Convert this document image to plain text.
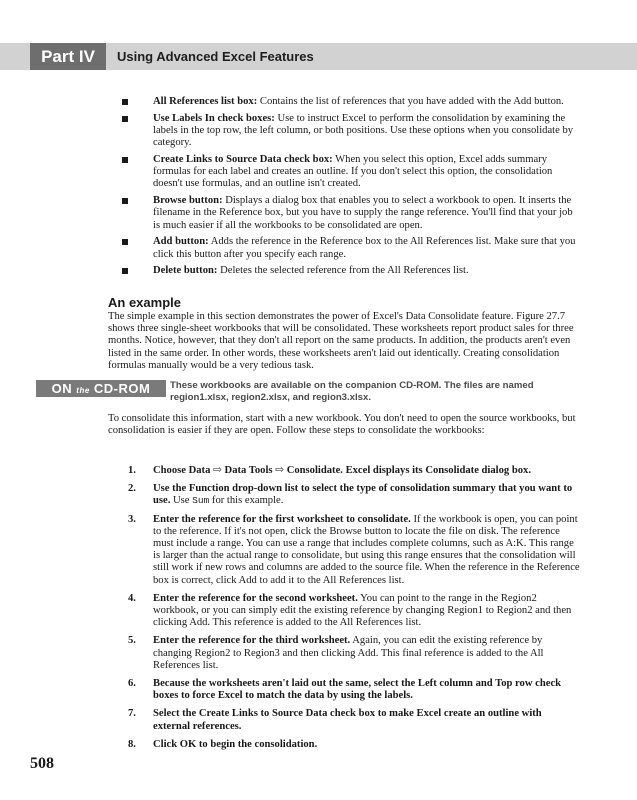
Part IV	Using Advanced Excel Features
All References list box: Contains the list of references that you have added with the Add button.
Use Labels In check boxes: Use to instruct Excel to perform the consolidation by examining the labels in the top row, the left column, or both positions. Use these options when you consolidate by category.
Create Links to Source Data check box: When you select this option, Excel adds summary formulas for each label and creates an outline. If you don't select this option, the consolidation doesn't use formulas, and an outline isn't created.
Browse button: Displays a dialog box that enables you to select a workbook to open. It inserts the filename in the Reference box, but you have to supply the range reference. You'll find that your job is much easier if all the workbooks to be consolidated are open.
Add button: Adds the reference in the Reference box to the All References list. Make sure that you click this button after you specify each range.
Delete button: Deletes the selected reference from the All References list.
An example

The simple example in this section demonstrates the power of Excel's Data Consolidate feature. Figure 27.7 shows three single-sheet workbooks that will be consolidated. These worksheets report product sales for three months. Notice, however, that they don't all report on the same products. In addition, the products aren't even listed in the same order. In other words, these worksheets aren't laid out identically. Creating consolidation formulas manually would be a very tedious task.

ON the CD-ROM	These workbooks are available on the companion CD-ROM. The files are named region1.xlsx, region2.xlsx, and region3.xlsx.

To consolidate this information, start with a new workbook. You don't need to open the source workbooks, but consolidation is easier if they are open. Follow these steps to consolidate the workbooks:

1. Choose Data ⇨ Data Tools ⇨ Consolidate. Excel displays its Consolidate dialog box.
2. Use the Function drop-down list to select the type of consolidation summary that you want to use. Use Sum for this example.
3. Enter the reference for the first worksheet to consolidate. If the workbook is open, you can point to the reference. If it's not open, click the Browse button to locate the file on disk. The reference must include a range. You can use a range that includes complete columns, such as A:K. This range is larger than the actual range to consolidate, but using this range ensures that the consolidation will still work if new rows and columns are added to the source file. When the reference in the Reference box is correct, click Add to add it to the All References list.
4. Enter the reference for the second worksheet. You can point to the range in the Region2 workbook, or you can simply edit the existing reference by changing Region1 to Region2 and then clicking Add. This reference is added to the All References list.
5. Enter the reference for the third worksheet. Again, you can edit the existing reference by changing Region2 to Region3 and then clicking Add. This final reference is added to the All References list.
6. Because the worksheets aren't laid out the same, select the Left column and Top row check boxes to force Excel to match the data by using the labels.
7. Select the Create Links to Source Data check box to make Excel create an outline with external references.
8. Click OK to begin the consolidation.
508
